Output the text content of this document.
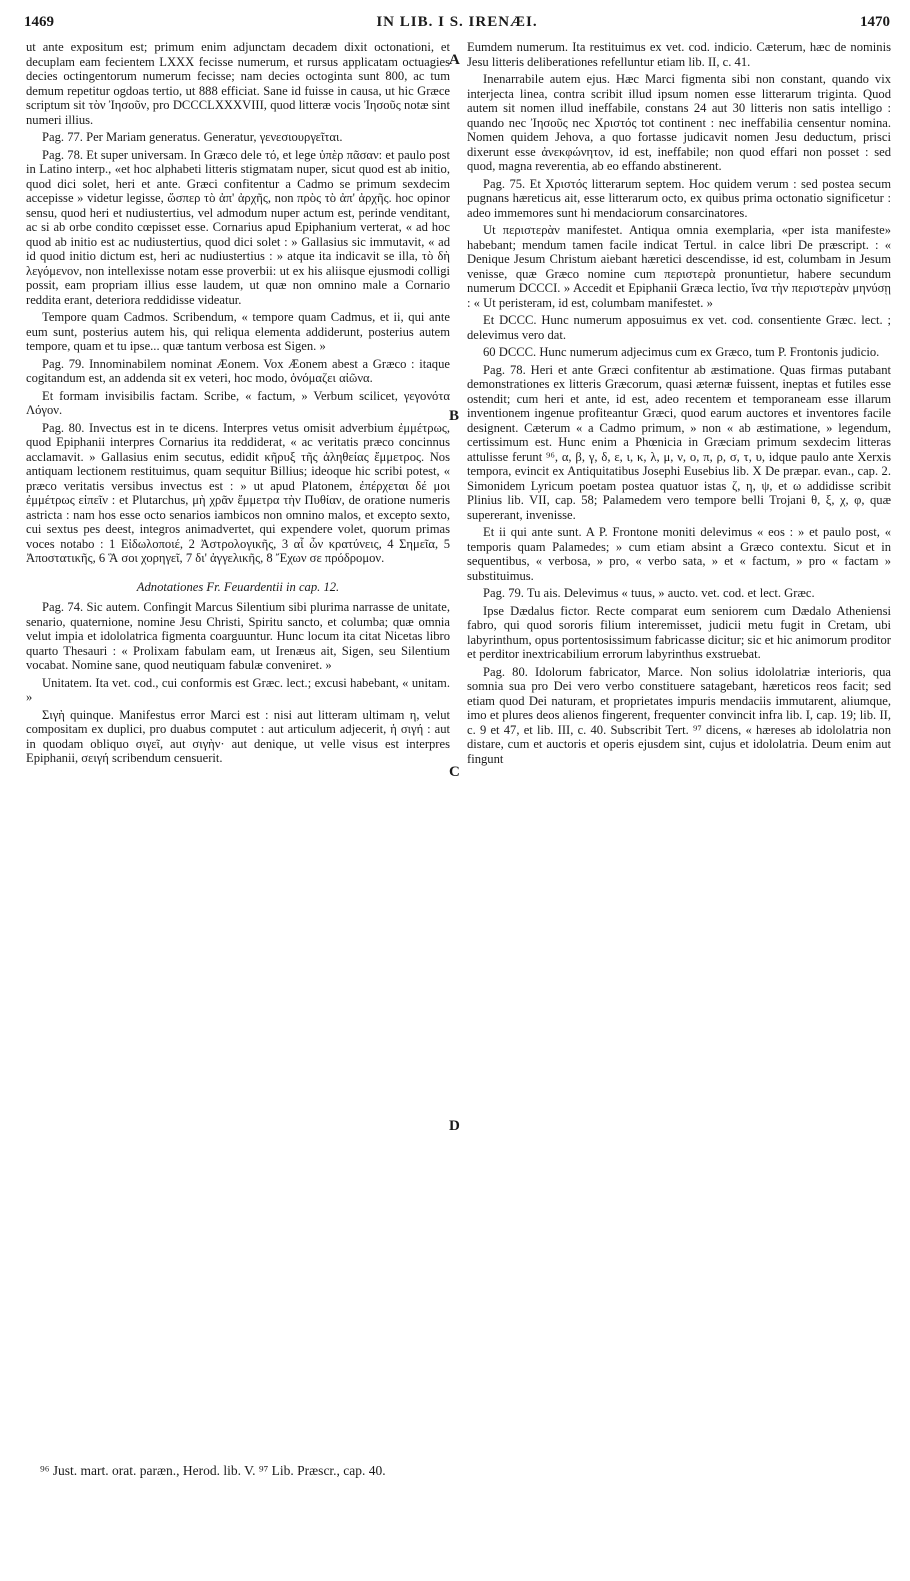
1469	IN LIB. I S. IRENÆI.	1470

ut ante expositum est; primum enim adjunctam decadem dixit octonationi, et decuplam eam fecientem LXXX fecisse numerum, et rursus applicatam octuagies decies octingentorum numerum fecisse; nam decies octoginta sunt 800, ac tum demum repetitur ogdoas tertio, ut 888 efficiat. Sane id fuisse in causa, ut hic Græce scriptum sit τὸν Ἰησοῦν, pro DCCCLXXXVIII, quod litteræ vocis Ἰησοῦς notæ sint numeri illius.

Pag. 77. Per Mariam generatus. Generatur, γενεσιουργεῖται.

Pag. 78. Et super universam. In Græco dele τό, et lege ὑπὲρ πᾶσαν: et paulo post in Latino interp., «et hoc alphabeti litteris stigmatam nuper, sicut quod est ab initio, quod dici solet, heri et ante. Græci confitentur a Cadmo se primum sexdecim accepisse » videtur legisse, ὥσπερ τὸ ἀπ' ἀρχῆς, non πρὸς τὸ ἀπ' ἀρχῆς. hoc opinor sensu, quod heri et nudiustertius, vel admodum nuper actum est, perinde venditant, ac si ab orbe condito cœpisset esse. Cornarius apud Epiphanium verterat, « ad hoc quod ab initio est ac nudiustertius, quod dici solet : » Gallasius sic immutavit, « ad id quod initio dictum est, heri ac nudiustertius : » atque ita indicavit se illa, τὸ δὴ λεγόμενον, non intellexisse notam esse proverbii: ut ex his aliisque ejusmodi colligi possit, eam propriam illius esse laudem, ut quæ non omnino male a Cornario reddita erant, deteriora reddidisse videatur.

Tempore quam Cadmos. Scribendum, « tempore quam Cadmus, et ii, qui ante eum sunt, posterius autem his, qui reliqua elementa addiderunt, posterius autem tempore, quam et tu ipse... quæ tantum verbosa est Sigen. »

Pag. 79. Innominabilem nominat Æonem. Vox Æonem abest a Græco : itaque cogitandum est, an addenda sit ex veteri, hoc modo, ὀνόμαζει αἰῶνα.

Et formam invisibilis factam. Scribe, « factum, » Verbum scilicet, γεγονότα Λόγον.

Pag. 80. Invectus est in te dicens. Interpres vetus omisit adverbium ἐμμέτρως, quod Epiphanii interpres Cornarius ita reddiderat, « ac veritatis præco concinnus acclamavit. » Gallasius enim secutus, edidit κῆρυξ τῆς ἀληθείας ἔμμετρος. Nos antiquam lectionem restituimus, quam sequitur Billius; ideoque hic scribi potest, « præco veritatis versibus invectus est : » ut apud Platonem, ἐπέρχεται δέ μοι ἐμμέτρως εἰπεῖν : et Plutarchus, μὴ χρᾶν ἔμμετρα τὴν Πυθίαν, de oratione numeris astricta : nam hos esse octo senarios iambicos non omnino malos, et excepto sexto, cui sextus pes deest, integros animadvertet, qui expendere volet, quorum primas voces notabo : 1 Εἰδωλοποιέ, 2 Ἀστρολογικῆς, 3 αἷ ὧν κρατύνεις, 4 Σημεῖα, 5 Ἀποστατικῆς, 6 Ἃ σοι χορηγεῖ, 7 δι' ἀγγελικῆς, 8 Ἔχων σε πρόδρομον.

Adnotationes Fr. Feuardentii in cap. 12.

Pag. 74. Sic autem. Confingit Marcus Silentium sibi plurima narrasse de unitate, senario, quaternione, nomine Jesu Christi, Spiritu sancto, et columba; quæ omnia velut impia et idololatrica figmenta coarguuntur. Hunc locum ita citat Nicetas libro quarto Thesauri : « Prolixam fabulam eam, ut Irenæus ait, Sigen, seu Silentium vocabat. Nomine sane, quod neutiquam fabulæ conveniret. »

Unitatem. Ita vet. cod., cui conformis est Græc. lect.; excusi habebant, « unitam. »

Σιγὴ quinque. Manifestus error Marci est : nisi aut litteram ultimam η, velut compositam ex duplici, pro duabus computet : aut articulum adjecerit, ἡ σιγή : aut in quodam obliquo σιγεῖ, aut σιγὴν· aut denique, ut velle visus est interpres Epiphanii, σειγή scribendum censuerit.

A
B
C
D

Eumdem numerum. Ita restituimus ex vet. cod. indicio. Cæterum, hæc de nominis Jesu litteris deliberationes refelluntur etiam lib. II, c. 41.

Inenarrabile autem ejus. Hæc Marci figmenta sibi non constant, quando vix interjecta linea, contra scribit illud ipsum nomen esse litterarum triginta. Quod autem sit nomen illud ineffabile, constans 24 aut 30 litteris non satis intelligo : quando nec Ἰησοῦς nec Χριστός tot continent : nec ineffabilia censentur nomina. Nomen quidem Jehova, a quo fortasse judicavit nomen Jesu deductum, prisci dixerunt esse ἀνεκφώνητον, id est, ineffabile; non quod effari non posset : sed quod, magna reverentia, ab eo effando abstinerent.

Pag. 75. Et Χριστός litterarum septem. Hoc quidem verum : sed postea secum pugnans hæreticus ait, esse litterarum octo, ex quibus prima octonatio significetur : adeo immemores sunt hi mendaciorum consarcinatores.

Ut περιστερὰν manifestet. Antiqua omnia exemplaria, «per ista manifeste» habebant; mendum tamen facile indicat Tertul. in calce libri De præscript. : « Denique Jesum Christum aiebant hæretici descendisse, id est, columbam in Jesum venisse, quæ Græco nomine cum περιστερὰ pronuntietur, habere secundum numerum DCCCI. » Accedit et Epiphanii Græca lectio, ἵνα τὴν περιστερὰν μηνύσῃ : « Ut peristeram, id est, columbam manifestet. »

Et DCCC. Hunc numerum apposuimus ex vet. cod. consentiente Græc. lect. ; delevimus vero dat.

60 DCCC. Hunc numerum adjecimus cum ex Græco, tum P. Frontonis judicio.

Pag. 78. Heri et ante Græci confitentur ab æstimatione. Quas firmas putabant demonstrationes ex litteris Græcorum, quasi æternæ fuissent, ineptas et futiles esse ostendit; cum heri et ante, id est, adeo recentem et temporaneam esse illarum inventionem ingenue profiteantur Græci, quod earum auctores et inventores facile designent. Cæterum « a Cadmo primum, » non « ab æstimatione, » legendum, certissimum est. Hunc enim a Phœnicia in Græciam primum sexdecim litteras attulisse ferunt ⁹⁶, α, β, γ, δ, ε, ι, κ, λ, μ, ν, ο, π, ρ, σ, τ, υ, idque paulo ante Xerxis tempora, evincit ex Antiquitatibus Josephi Eusebius lib. X De præpar. evan., cap. 2. Simonidem Lyricum poetam postea quatuor istas ζ, η, ψ, et ω addidisse scribit Plinius lib. VII, cap. 58; Palamedem vero tempore belli Trojani θ, ξ, χ, φ, quæ supererant, invenisse.

Et ii qui ante sunt. A P. Frontone moniti delevimus « eos : » et paulo post, « temporis quam Palamedes; » cum etiam absint a Græco contextu. Sicut et in sequentibus, « verbosa, » pro, « verbo sata, » et « factum, » pro « factam » substituimus.

Pag. 79. Tu ais. Delevimus « tuus, » aucto. vet. cod. et lect. Græc.

Ipse Dædalus fictor. Recte comparat eum seniorem cum Dædalo Atheniensi fabro, qui quod sororis filium interemisset, judicii metu fugit in Cretam, ubi labyrinthum, opus portentosissimum fabricasse dicitur; sic et hic animorum proditor et perditor inextricabilium errorum labyrinthus exstruebat.

Pag. 80. Idolorum fabricator, Marce. Non solius idololatriæ interioris, qua somnia sua pro Dei vero verbo constituere satagebant, hæreticos reos facit; sed etiam quod Dei naturam, et proprietates impuris mendaciis immutarent, aliumque, imo et plures deos alienos fingerent, frequenter convincit infra lib. I, cap. 19; lib. II, c. 9 et 47, et lib. III, c. 40. Subscribit Tert. ⁹⁷ dicens, « hæreses ab idololatria non distare, cum et auctoris et operis ejusdem sint, cujus et idololatria. Deum enim aut fingunt

⁹⁶ Just. mart. orat. paræn., Herod. lib. V. ⁹⁷ Lib. Præscr., cap. 40.
